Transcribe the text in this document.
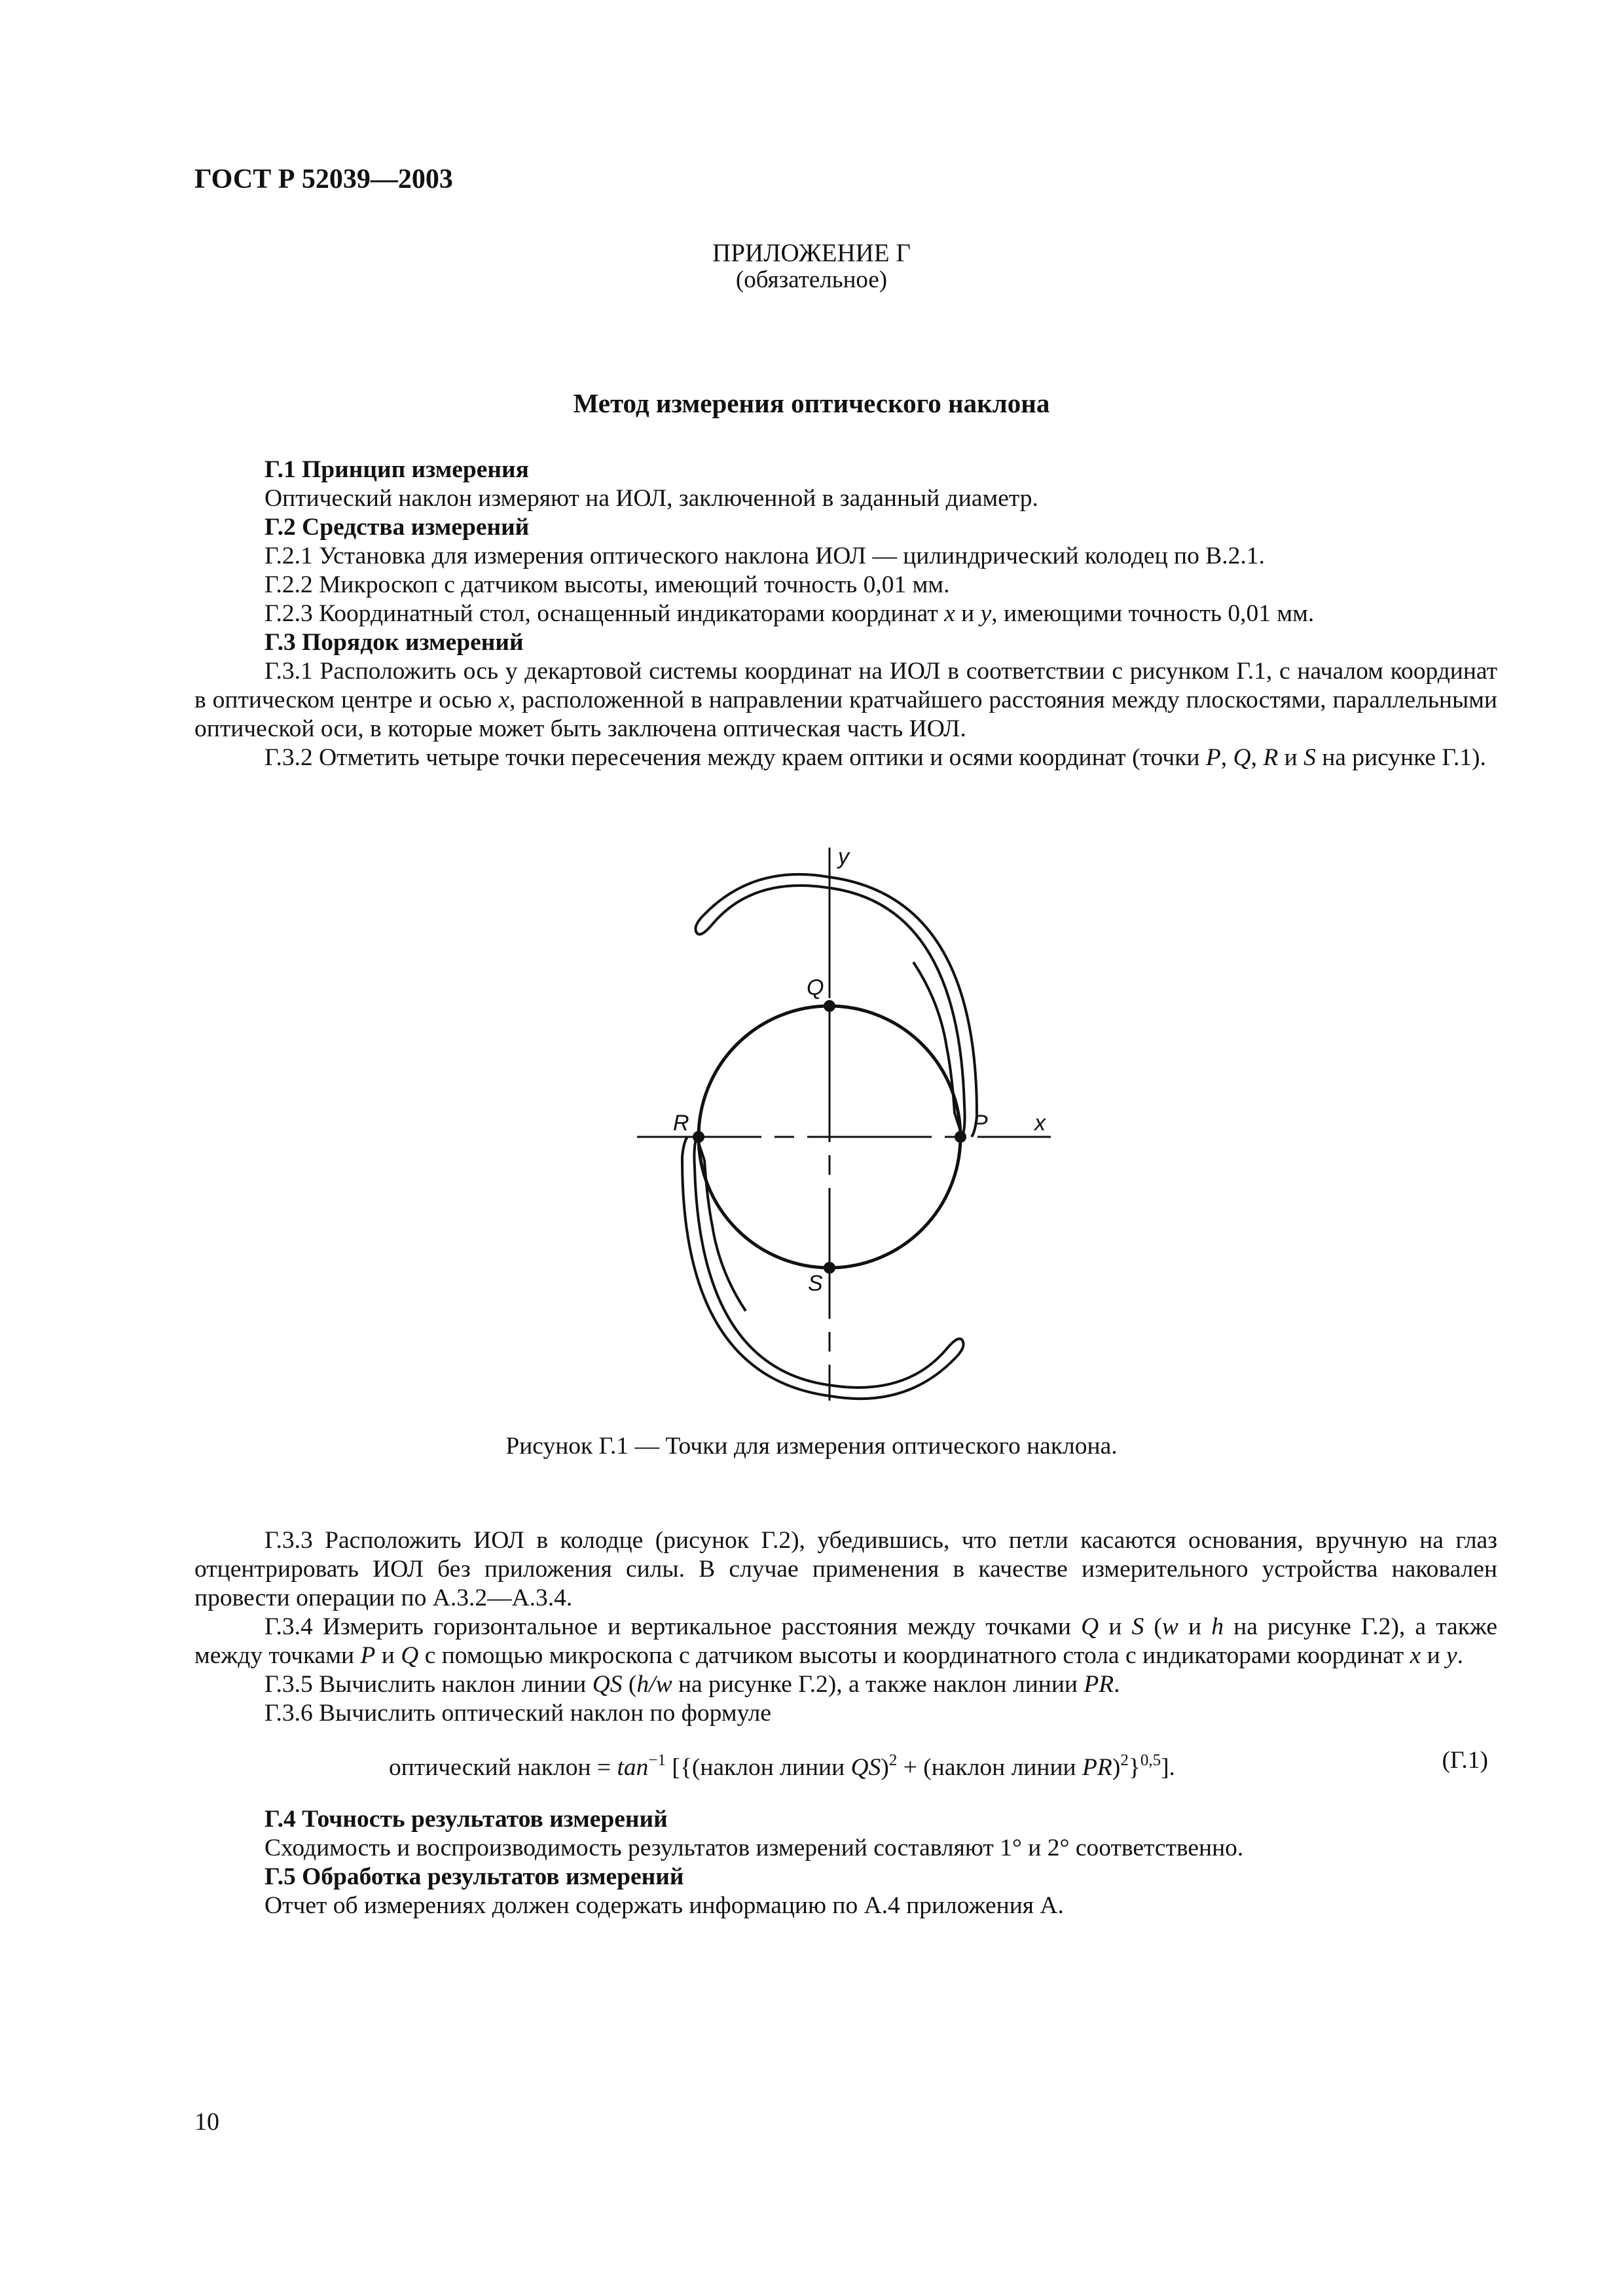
ГОСТ Р 52039—2003
ПРИЛОЖЕНИЕ Г
(обязательное)
Метод измерения оптического наклона

Г.1 Принцип измерения

Оптический наклон измеряют на ИОЛ, заключенной в заданный диаметр.

Г.2 Средства измерений

Г.2.1 Установка для измерения оптического наклона ИОЛ — цилиндрический колодец по В.2.1.

Г.2.2 Микроскоп с датчиком высоты, имеющий точность 0,01 мм.

Г.2.3 Координатный стол, оснащенный индикаторами координат x и y, имеющими точность 0,01 мм.

Г.3 Порядок измерений

Г.3.1 Расположить ось у декартовой системы координат на ИОЛ в соответствии с рисунком Г.1, с началом координат в оптическом центре и осью x, расположенной в направлении кратчайшего расстояния между плоскостями, параллельными оптической оси, в которые может быть заключена оптическая часть ИОЛ.

Г.3.2 Отметить четыре точки пересечения между краем оптики и осями координат (точки P, Q, R и S на рисунке Г.1).

y
x
Q
R	P
S
Рисунок Г.1 — Точки для измерения оптического наклона.

Г.3.3 Расположить ИОЛ в колодце (рисунок Г.2), убедившись, что петли касаются основания, вручную на глаз отцентрировать ИОЛ без приложения силы. В случае применения в качестве измерительного устройства наковален провести операции по А.3.2—А.3.4.

Г.3.4 Измерить горизонтальное и вертикальное расстояния между точками Q и S (w и h на рисунке Г.2), а также между точками P и Q с помощью микроскопа с датчиком высоты и координатного стола с индикаторами координат x и y.

Г.3.5 Вычислить наклон линии QS (h/w на рисунке Г.2), а также наклон линии PR.

Г.3.6 Вычислить оптический наклон по формуле

оптический наклон = $\tan^{-1}$ [{(наклон линии QS)$^2$ + (наклон линии PR)$^2$}$^{0,5}$].	(Г.1)

Г.4 Точность результатов измерений

Сходимость и воспроизводимость результатов измерений составляют 1° и 2° соответственно.

Г.5 Обработка результатов измерений

Отчет об измерениях должен содержать информацию по А.4 приложения А.

10
